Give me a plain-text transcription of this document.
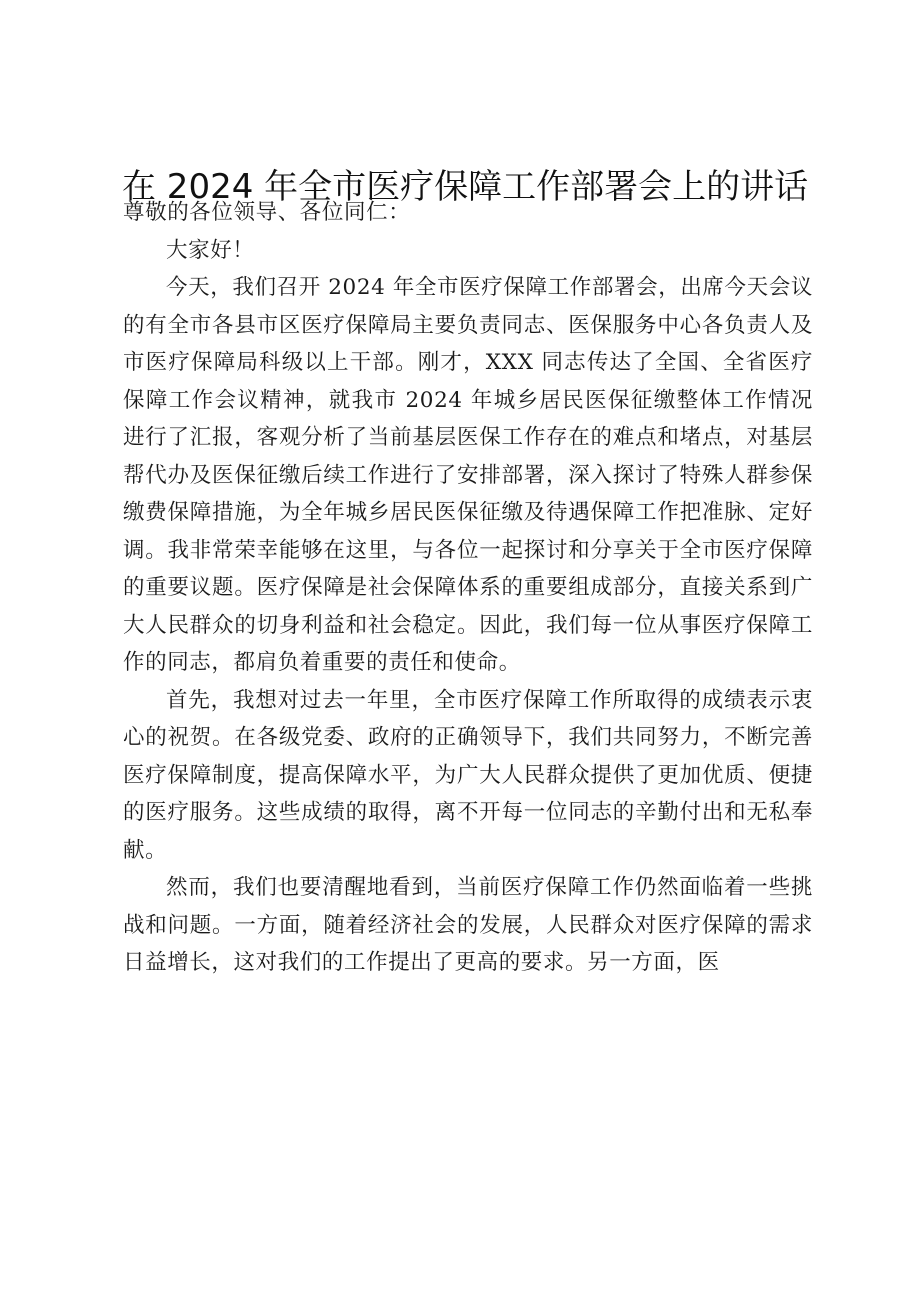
在 2024 年全市医疗保障工作部署会上的讲话

尊敬的各位领导、各位同仁：

大家好！

今天，我们召开 2024 年全市医疗保障工作部署会，出席今天会议的有全市各县市区医疗保障局主要负责同志、医保服务中心各负责人及市医疗保障局科级以上干部。刚才，XXX 同志传达了全国、全省医疗保障工作会议精神，就我市 2024 年城乡居民医保征缴整体工作情况进行了汇报，客观分析了当前基层医保工作存在的难点和堵点，对基层帮代办及医保征缴后续工作进行了安排部署，深入探讨了特殊人群参保缴费保障措施，为全年城乡居民医保征缴及待遇保障工作把准脉、定好调。我非常荣幸能够在这里，与各位一起探讨和分享关于全市医疗保障的重要议题。医疗保障是社会保障体系的重要组成部分，直接关系到广大人民群众的切身利益和社会稳定。因此，我们每一位从事医疗保障工作的同志，都肩负着重要的责任和使命。

首先，我想对过去一年里，全市医疗保障工作所取得的成绩表示衷心的祝贺。在各级党委、政府的正确领导下，我们共同努力，不断完善医疗保障制度，提高保障水平，为广大人民群众提供了更加优质、便捷的医疗服务。这些成绩的取得，离不开每一位同志的辛勤付出和无私奉献。

然而，我们也要清醒地看到，当前医疗保障工作仍然面临着一些挑战和问题。一方面，随着经济社会的发展，人民群众对医疗保障的需求日益增长，这对我们的工作提出了更高的要求。另一方面，医
